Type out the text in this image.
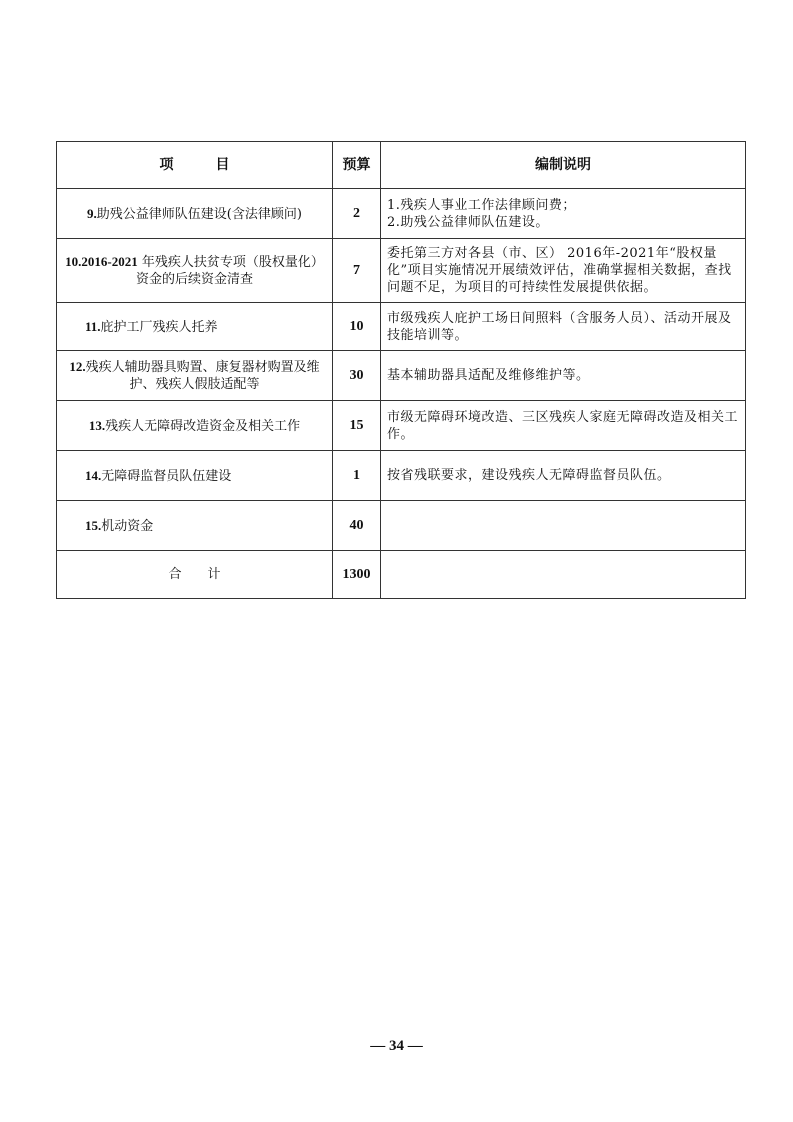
项　　　目	预算	编制说明
9.助残公益律师队伍建设(含法律顾问)	2	1.残疾人事业工作法律顾问费；
2.助残公益律师队伍建设。

10.2016-2021 年残疾人扶贫专项（股权量化）资金的后续资金清查	7	委托第三方对各县（市、区） 2016年-2021年“股权量化”项目实施情况开展绩效评估，准确掌握相关数据，查找问题不足，为项目的可持续性发展提供依据。
11.庇护工厂残疾人托养	10	市级残疾人庇护工场日间照料（含服务人员）、活动开展及技能培训等。
12.残疾人辅助器具购置、康复器材购置及维护、残疾人假肢适配等	30	基本辅助器具适配及维修维护等。
13.残疾人无障碍改造资金及相关工作	15	市级无障碍环境改造、三区残疾人家庭无障碍改造及相关工作。
14.无障碍监督员队伍建设	1	按省残联要求，建设残疾人无障碍监督员队伍。
15.机动资金	40	
合　　计	1300	
— 34 —
